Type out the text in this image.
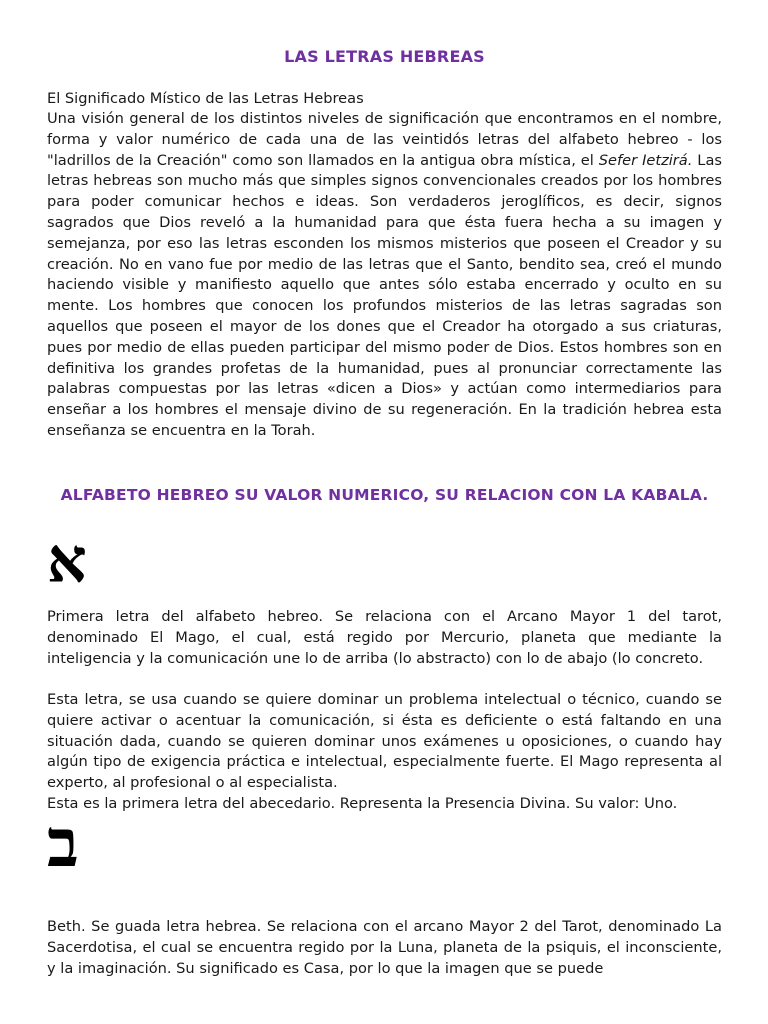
LAS LETRAS HEBREAS

El Significado Místico de las Letras Hebreas

Una visión general de los distintos niveles de significación que encontramos en el nombre, forma y valor numérico de cada una de las veintidós letras del alfabeto hebreo - los "ladrillos de la Creación" como son llamados en la antigua obra mística, el Sefer Ietzirá. Las letras hebreas son mucho más que simples signos convencionales creados por los hombres para poder comunicar hechos e ideas. Son verdaderos jeroglíficos, es decir, signos sagrados que Dios reveló a la humanidad para que ésta fuera hecha a su imagen y semejanza, por eso las letras esconden los mismos misterios que poseen el Creador y su creación. No en vano fue por medio de las letras que el Santo, bendito sea, creó el mundo haciendo visible y manifiesto aquello que antes sólo estaba encerrado y oculto en su mente. Los hombres que conocen los profundos misterios de las letras sagradas son aquellos que poseen el mayor de los dones que el Creador ha otorgado a sus criaturas, pues por medio de ellas pueden participar del mismo poder de Dios. Estos hombres son en definitiva los grandes profetas de la humanidad, pues al pronunciar correctamente las palabras compuestas por las letras «dicen a Dios» y actúan como intermediarios para enseñar a los hombres el mensaje divino de su regeneración. En la tradición hebrea esta enseñanza se encuentra en la Torah.

ALFABETO HEBREO SU VALOR NUMERICO, SU RELACION CON LA KABALA.
א

Primera letra del alfabeto hebreo. Se relaciona con el Arcano Mayor 1 del tarot, denominado El Mago, el cual, está regido por Mercurio, planeta que mediante la inteligencia y la comunicación une lo de arriba (lo abstracto) con lo de abajo (lo concreto.

Esta letra, se usa cuando se quiere dominar un problema intelectual o técnico, cuando se quiere activar o acentuar la comunicación, si ésta es deficiente o está faltando en una situación dada, cuando se quieren dominar unos exámenes u oposiciones, o cuando hay algún tipo de exigencia práctica e intelectual, especialmente fuerte. El Mago representa al experto, al profesional o al especialista.

Esta es la primera letra del abecedario. Representa la Presencia Divina. Su valor: Uno.

ב

Beth. Se guada letra hebrea. Se relaciona con el arcano Mayor 2 del Tarot, denominado La Sacerdotisa, el cual se encuentra regido por la Luna, planeta de la psiquis, el inconsciente, y la imaginación. Su significado es Casa, por lo que la imagen que se puede
